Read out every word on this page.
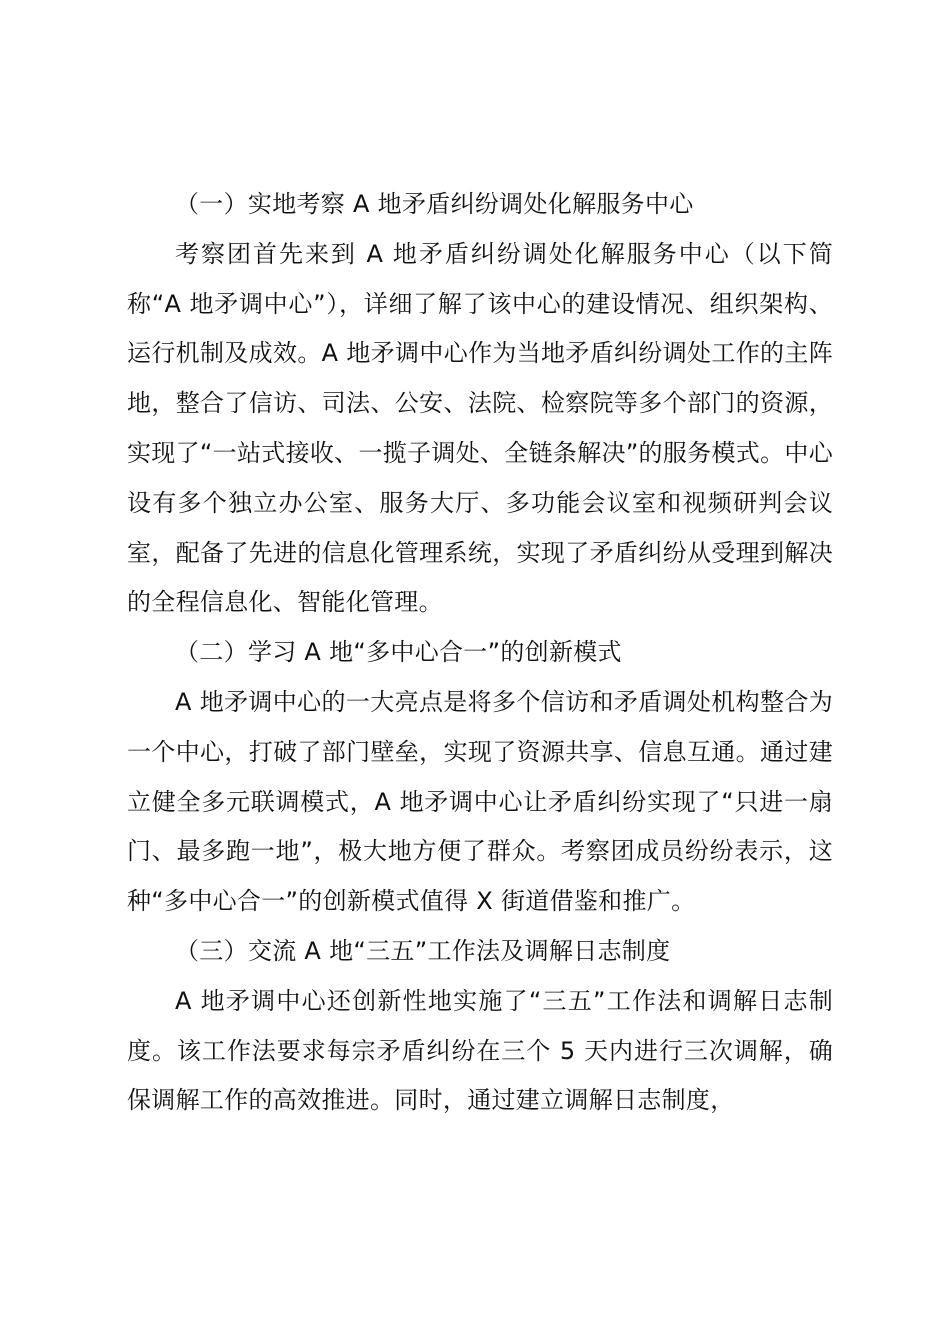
（一）实地考察 A 地矛盾纠纷调处化解服务中心

考察团首先来到 A 地矛盾纠纷调处化解服务中心（以下简称“A 地矛调中心”），详细了解了该中心的建设情况、组织架构、运行机制及成效。A 地矛调中心作为当地矛盾纠纷调处工作的主阵地，整合了信访、司法、公安、法院、检察院等多个部门的资源，实现了“一站式接收、一揽子调处、全链条解决”的服务模式。中心设有多个独立办公室、服务大厅、多功能会议室和视频研判会议室，配备了先进的信息化管理系统，实现了矛盾纠纷从受理到解决的全程信息化、智能化管理。

（二）学习 A 地“多中心合一”的创新模式

A 地矛调中心的一大亮点是将多个信访和矛盾调处机构整合为一个中心，打破了部门壁垒，实现了资源共享、信息互通。通过建立健全多元联调模式，A 地矛调中心让矛盾纠纷实现了“只进一扇门、最多跑一地”，极大地方便了群众。考察团成员纷纷表示，这种“多中心合一”的创新模式值得 X 街道借鉴和推广。

（三）交流 A 地“三五”工作法及调解日志制度

A 地矛调中心还创新性地实施了“三五”工作法和调解日志制度。该工作法要求每宗矛盾纠纷在三个 5 天内进行三次调解，确保调解工作的高效推进。同时，通过建立调解日志制度，
